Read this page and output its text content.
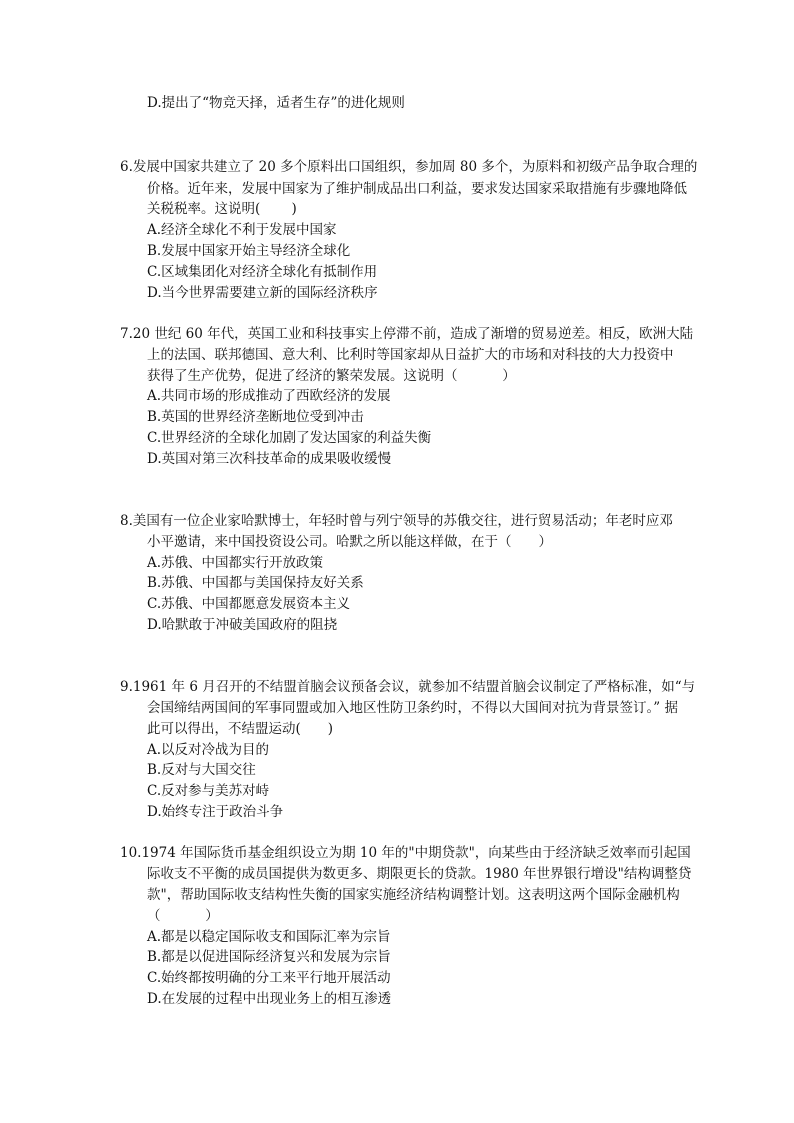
D.提出了“物竞天择，适者生存”的进化规则
6.发展中国家共建立了 20 多个原料出口国组织，参加周 80 多个，为原料和初级产品争取合理的
价格。近年来，发展中国家为了维护制成品出口利益，要求发达国家采取措施有步骤地降低
关税税率。这说明(　　 )
A.经济全球化不利于发展中国家
B.发展中国家开始主导经济全球化
C.区域集团化对经济全球化有抵制作用
D.当今世界需要建立新的国际经济秩序
7.20 世纪 60 年代，英国工业和科技事实上停滞不前，造成了渐增的贸易逆差。相反，欧洲大陆
上的法国、联邦德国、意大利、比利时等国家却从日益扩大的市场和对科技的大力投资中
获得了生产优势，促进了经济的繁荣发展。这说明（　　　 ）
A.共同市场的形成推动了西欧经济的发展
B.英国的世界经济垄断地位受到冲击
C.世界经济的全球化加剧了发达国家的利益失衡
D.英国对第三次科技革命的成果吸收缓慢
8.美国有一位企业家哈默博士，年轻时曾与列宁领导的苏俄交往，进行贸易活动；年老时应邓
小平邀请，来中国投资设公司。哈默之所以能这样做，在于（　　）
A.苏俄、中国都实行开放政策
B.苏俄、中国都与美国保持友好关系
C.苏俄、中国都愿意发展资本主义
D.哈默敢于冲破美国政府的阻挠
9.1961 年 6 月召开的不结盟首脑会议预备会议，就参加不结盟首脑会议制定了严格标准，如“与
会国缔结两国间的军事同盟或加入地区性防卫条约时，不得以大国间对抗为背景签订。” 据
此可以得出，不结盟运动(　　)
A.以反对冷战为目的
B.反对与大国交往
C.反对参与美苏对峙
D.始终专注于政治斗争
10.1974 年国际货币基金组织设立为期 10 年的"中期贷款"，向某些由于经济缺乏效率而引起国
际收支不平衡的成员国提供为数更多、期限更长的贷款。1980 年世界银行增设"结构调整贷
款"，帮助国际收支结构性失衡的国家实施经济结构调整计划。这表明这两个国际金融机构
（　　　 ）
A.都是以稳定国际收支和国际汇率为宗旨
B.都是以促进国际经济复兴和发展为宗旨
C.始终都按明确的分工来平行地开展活动
D.在发展的过程中出现业务上的相互渗透
